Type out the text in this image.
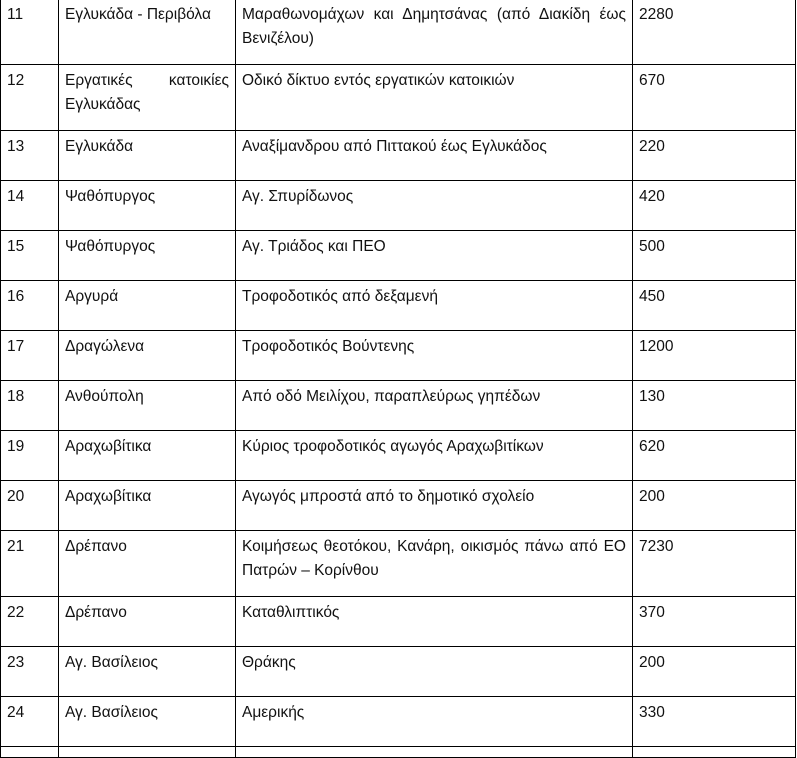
11	Εγλυκάδα - Περιβόλα	Μαραθωνομάχων και Δημητσάνας (από Διακίδη έως Βενιζέλου)	2280
12	Εργατικές κατοικίες Εγλυκάδας	Οδικό δίκτυο εντός εργατικών κατοικιών	670
13	Εγλυκάδα	Αναξίμανδρου από Πιττακού έως Εγλυκάδος	220
14	Ψαθόπυργος	Αγ. Σπυρίδωνος	420
15	Ψαθόπυργος	Αγ. Τριάδος και ΠΕΟ	500
16	Αργυρά	Τροφοδοτικός από δεξαμενή	450
17	Δραγώλενα	Τροφοδοτικός Βούντενης	1200
18	Ανθούπολη	Από οδό Μειλίχου, παραπλεύρως γηπέδων	130
19	Αραχωβίτικα	Κύριος τροφοδοτικός αγωγός Αραχωβιτίκων	620
20	Αραχωβίτικα	Αγωγός μπροστά από το δημοτικό σχολείο	200
21	Δρέπανο	Κοιμήσεως θεοτόκου, Κανάρη, οικισμός πάνω από ΕΟ Πατρών – Κορίνθου	7230
22	Δρέπανο	Καταθλιπτικός	370
23	Αγ. Βασίλειος	Θράκης	200
24	Αγ. Βασίλειος	Αμερικής	330
